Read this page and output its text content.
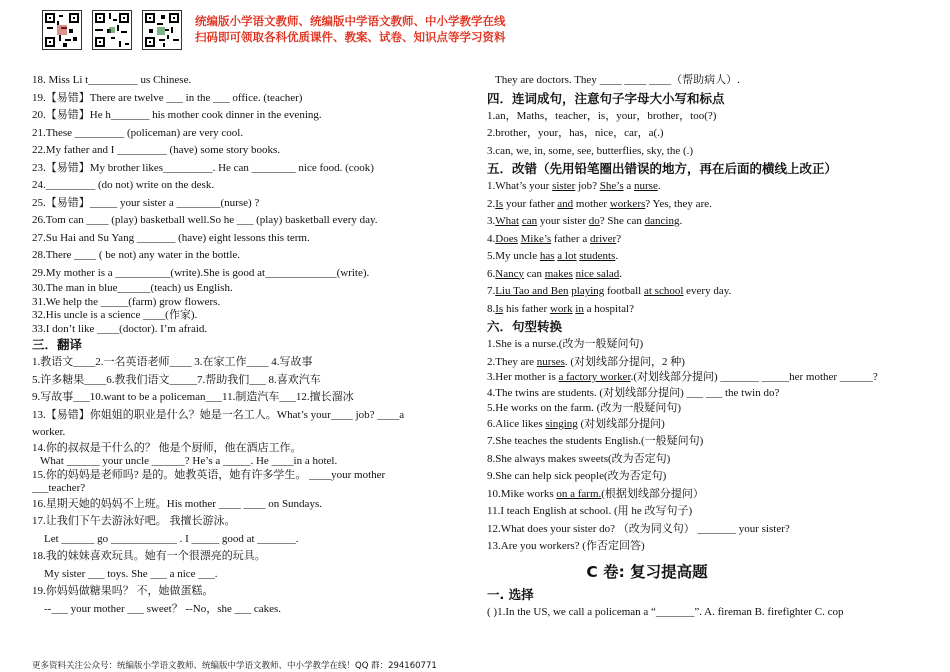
统编版小学语文教师、统编版中学语文教师、中小学教学在线
扫码即可领取各科优质课件、教案、试卷、知识点等学习资料

18. Miss Li t_________ us Chinese.

19.【易错】There are twelve ___ in the ___ office. (teacher)

20.【易错】He h_______ his mother cook dinner in the evening.

21.These _________ (policeman) are very cool.

22.My father and I _________ (have) some story books.

23.【易错】My brother likes_________. He can ________ nice food. (cook)

24._________ (do not) write on the desk.

25.【易错】_____ your sister a ________(nurse) ?

26.Tom can ____ (play) basketball well.So he ___ (play) basketball every day.

27.Su Hai and Su Yang _______ (have) eight lessons this term.

28.There ____ ( be not) any water in the bottle.

29.My mother is a __________(write).She is good at_____________(write).

30.The man in blue______(teach) us English.

31.We help the _____(farm) grow flowers.

32.His uncle is a science ____(作家).

33.I don’t like ____(doctor). I’m afraid.

三．翻译

1.教语文____2.一名英语老师____ 3.在家工作____ 4.写故事

5.许多糖果____6.教我们语文_____7.帮助我们___ 8.喜欢汽车

9.写故事___10.want to be a policeman___11.制造汽车___12.擅长溜冰

13.【易错】你姐姐的职业是什么？她是一名工人。What’s your____ job? ____a

worker.

14.你的叔叔是干什么的？ 他是个厨师，他在酒店工作。

What ______ your uncle ______? He’s a _____. He ____in a hotel.

15.你的妈妈是老师吗? 是的。她教英语，她有许多学生。 ____your mother

___teacher?

16.星期天她的妈妈不上班。His mother ____ ____ on Sundays.

17.让我们下午去游泳好吧。 我擅长游泳。

Let ______ go ____________ . I _____ good at _______.

18.我的妹妹喜欢玩具。她有一个很漂亮的玩具。

My sister ___ toys. She ___ a nice ___.

19.你妈妈做糖果吗？ 不，她做蛋糕。

--___ your mother ___ sweet？ --No，she ___ cakes.

They are doctors. They ____ ____ ____（帮助病人）.

四．连词成句，注意句子字母大小写和标点

1.an，Maths，teacher，is，your，brother，too(?)

2.brother，your，has，nice，car，a(.)

3.can, we, in, some, see, butterflies, sky, the (.)

五．改错（先用铅笔圈出错误的地方，再在后面的横线上改正）

1.What’s your sister job? She’s a nurse.

2.Is your father and mother workers? Yes, they are.

3.What can your sister do? She can dancing.

4.Does Mike’s father a driver?

5.My uncle has a lot students.

6.Nancy can makes nice salad.

7.Liu Tao and Ben playing football at school every day.

8.Is his father work in a hospital?

六．句型转换

1.She is a nurse.(改为一般疑问句)

2.They are nurses. (对划线部分提问，2 种)

3.Her mother is a factory worker.(对划线部分提问) _______ _____her mother ______?

4.The twins are students. (对划线部分提问) ___ ___ the twin do?

5.He works on the farm. (改为一般疑问句)

6.Alice likes singing (对划线部分提问)

7.She teaches the students English.(一般疑问句)

8.She always makes sweets(改为否定句)

9.She can help sick people(改为否定句)

10.Mike works on a farm.(根据划线部分提问）

11.I teach English at school. (用 he 改写句子)

12.What does your sister do? （改为同义句） _______ your sister?

13.Are you workers? (作否定回答)

C 卷: 复习提高题

一. 选择

( )1.In the US, we call a policeman a “_______”. A. fireman B. firefighter C. cop

更多资料关注公众号：统编版小学语文教师、统编版中学语文教师、中小学教学在线！QQ 群：294160771
